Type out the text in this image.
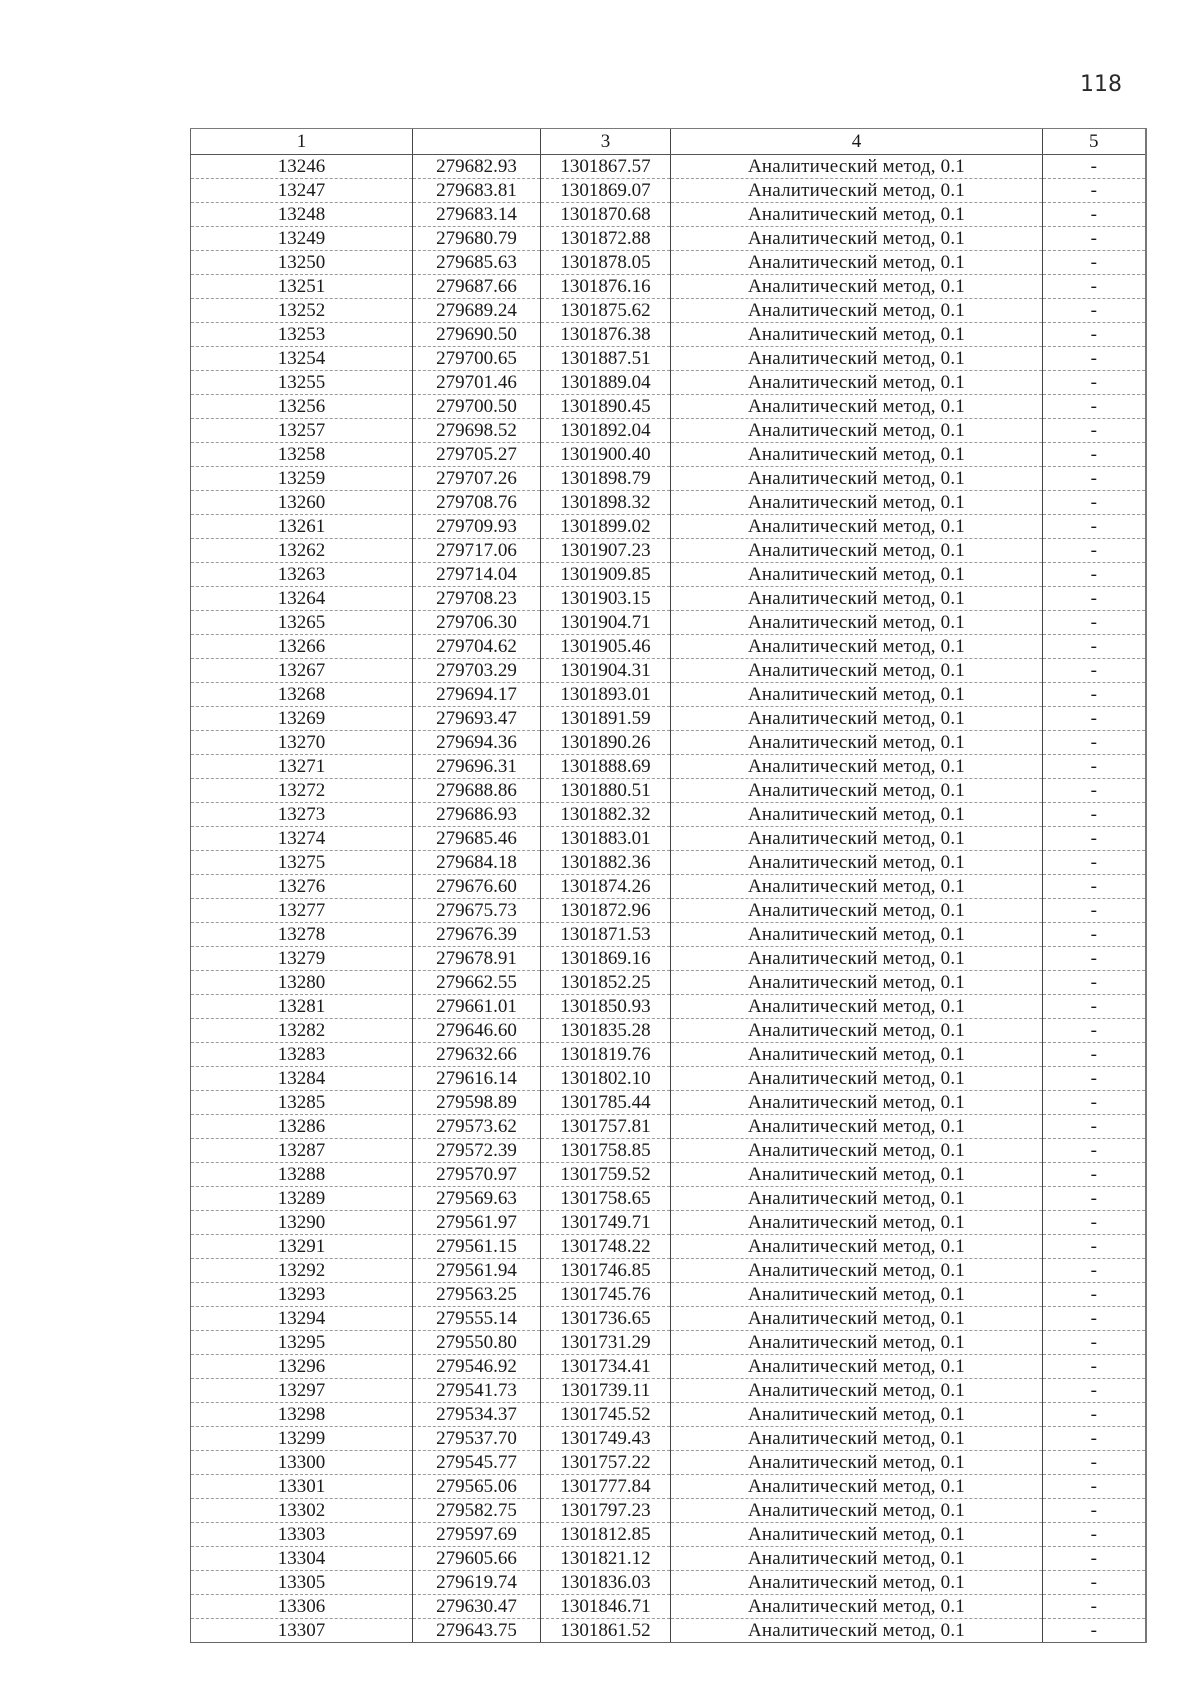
118
1		3	4	5
13246	279682.93	1301867.57	Аналитический метод, 0.1	-
13247	279683.81	1301869.07	Аналитический метод, 0.1	-
13248	279683.14	1301870.68	Аналитический метод, 0.1	-
13249	279680.79	1301872.88	Аналитический метод, 0.1	-
13250	279685.63	1301878.05	Аналитический метод, 0.1	-
13251	279687.66	1301876.16	Аналитический метод, 0.1	-
13252	279689.24	1301875.62	Аналитический метод, 0.1	-
13253	279690.50	1301876.38	Аналитический метод, 0.1	-
13254	279700.65	1301887.51	Аналитический метод, 0.1	-
13255	279701.46	1301889.04	Аналитический метод, 0.1	-
13256	279700.50	1301890.45	Аналитический метод, 0.1	-
13257	279698.52	1301892.04	Аналитический метод, 0.1	-
13258	279705.27	1301900.40	Аналитический метод, 0.1	-
13259	279707.26	1301898.79	Аналитический метод, 0.1	-
13260	279708.76	1301898.32	Аналитический метод, 0.1	-
13261	279709.93	1301899.02	Аналитический метод, 0.1	-
13262	279717.06	1301907.23	Аналитический метод, 0.1	-
13263	279714.04	1301909.85	Аналитический метод, 0.1	-
13264	279708.23	1301903.15	Аналитический метод, 0.1	-
13265	279706.30	1301904.71	Аналитический метод, 0.1	-
13266	279704.62	1301905.46	Аналитический метод, 0.1	-
13267	279703.29	1301904.31	Аналитический метод, 0.1	-
13268	279694.17	1301893.01	Аналитический метод, 0.1	-
13269	279693.47	1301891.59	Аналитический метод, 0.1	-
13270	279694.36	1301890.26	Аналитический метод, 0.1	-
13271	279696.31	1301888.69	Аналитический метод, 0.1	-
13272	279688.86	1301880.51	Аналитический метод, 0.1	-
13273	279686.93	1301882.32	Аналитический метод, 0.1	-
13274	279685.46	1301883.01	Аналитический метод, 0.1	-
13275	279684.18	1301882.36	Аналитический метод, 0.1	-
13276	279676.60	1301874.26	Аналитический метод, 0.1	-
13277	279675.73	1301872.96	Аналитический метод, 0.1	-
13278	279676.39	1301871.53	Аналитический метод, 0.1	-
13279	279678.91	1301869.16	Аналитический метод, 0.1	-
13280	279662.55	1301852.25	Аналитический метод, 0.1	-
13281	279661.01	1301850.93	Аналитический метод, 0.1	-
13282	279646.60	1301835.28	Аналитический метод, 0.1	-
13283	279632.66	1301819.76	Аналитический метод, 0.1	-
13284	279616.14	1301802.10	Аналитический метод, 0.1	-
13285	279598.89	1301785.44	Аналитический метод, 0.1	-
13286	279573.62	1301757.81	Аналитический метод, 0.1	-
13287	279572.39	1301758.85	Аналитический метод, 0.1	-
13288	279570.97	1301759.52	Аналитический метод, 0.1	-
13289	279569.63	1301758.65	Аналитический метод, 0.1	-
13290	279561.97	1301749.71	Аналитический метод, 0.1	-
13291	279561.15	1301748.22	Аналитический метод, 0.1	-
13292	279561.94	1301746.85	Аналитический метод, 0.1	-
13293	279563.25	1301745.76	Аналитический метод, 0.1	-
13294	279555.14	1301736.65	Аналитический метод, 0.1	-
13295	279550.80	1301731.29	Аналитический метод, 0.1	-
13296	279546.92	1301734.41	Аналитический метод, 0.1	-
13297	279541.73	1301739.11	Аналитический метод, 0.1	-
13298	279534.37	1301745.52	Аналитический метод, 0.1	-
13299	279537.70	1301749.43	Аналитический метод, 0.1	-
13300	279545.77	1301757.22	Аналитический метод, 0.1	-
13301	279565.06	1301777.84	Аналитический метод, 0.1	-
13302	279582.75	1301797.23	Аналитический метод, 0.1	-
13303	279597.69	1301812.85	Аналитический метод, 0.1	-
13304	279605.66	1301821.12	Аналитический метод, 0.1	-
13305	279619.74	1301836.03	Аналитический метод, 0.1	-
13306	279630.47	1301846.71	Аналитический метод, 0.1	-
13307	279643.75	1301861.52	Аналитический метод, 0.1	-
